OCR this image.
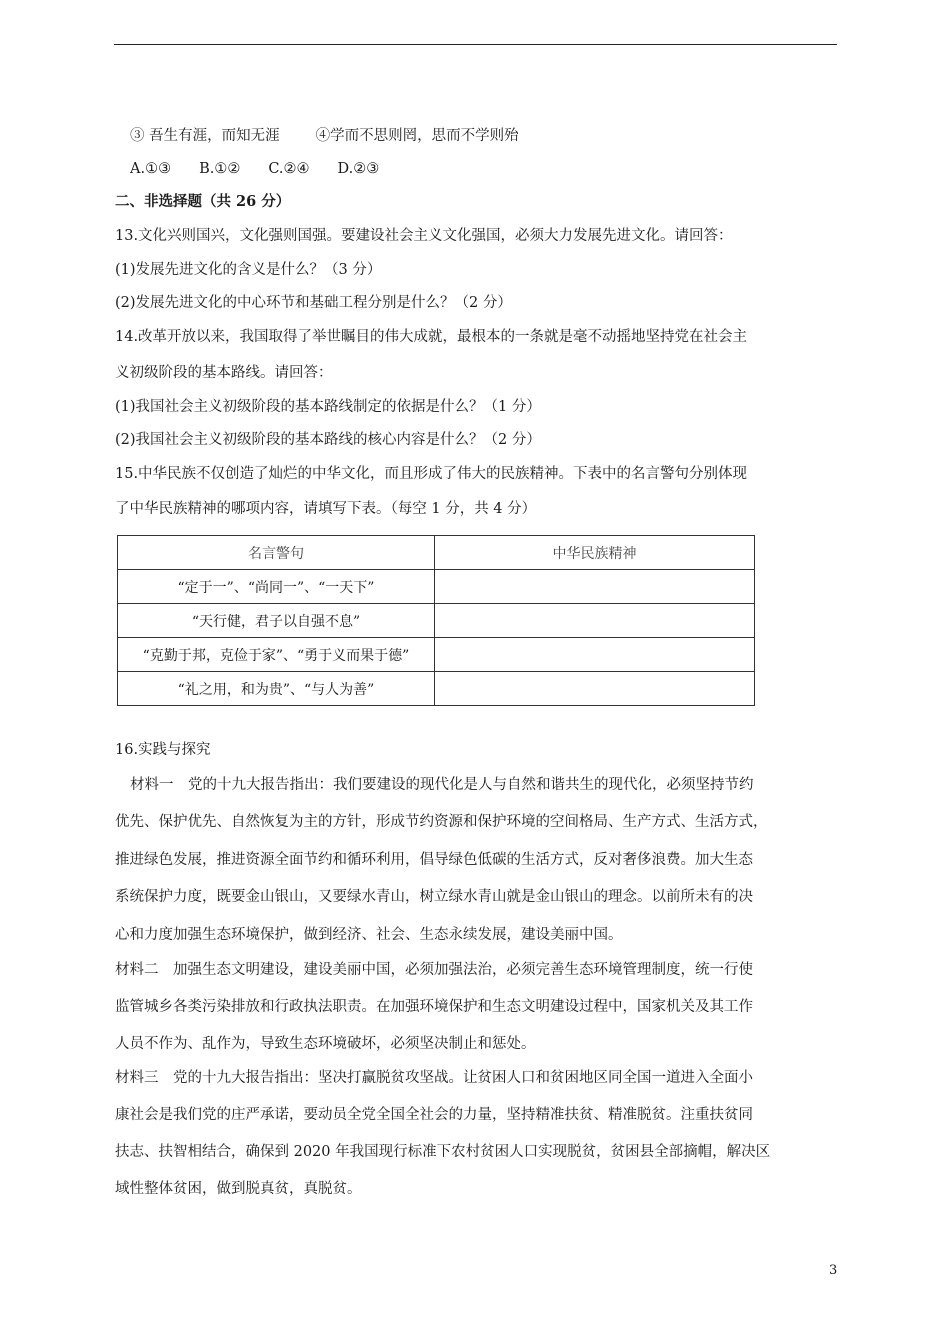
③ 吾生有涯，而知无涯 ④学而不思则罔，思而不学则殆
A.①③ B.①② C.②④ D.②③
二、非选择题（共 26 分）
13.文化兴则国兴，文化强则国强。要建设社会主义文化强国，必须大力发展先进文化。请回答：
(1)发展先进文化的含义是什么？（3 分）
(2)发展先进文化的中心环节和基础工程分别是什么？（2 分）
14.改革开放以来，我国取得了举世瞩目的伟大成就，最根本的一条就是毫不动摇地坚持党在社会主
义初级阶段的基本路线。请回答：
(1)我国社会主义初级阶段的基本路线制定的依据是什么？（1 分）
(2)我国社会主义初级阶段的基本路线的核心内容是什么？（2 分）
15.中华民族不仅创造了灿烂的中华文化，而且形成了伟大的民族精神。下表中的名言警句分别体现
了中华民族精神的哪项内容，请填写下表。（每空 1 分，共 4 分）
名言警句	中华民族精神
“定于一”、“尚同一”、“一天下”	
“天行健，君子以自强不息”	
“克勤于邦，克俭于家”、“勇于义而果于德”	
“礼之用，和为贵”、“与人为善”	
16.实践与探究
材料一　党的十九大报告指出：我们要建设的现代化是人与自然和谐共生的现代化，必须坚持节约
优先、保护优先、自然恢复为主的方针，形成节约资源和保护环境的空间格局、生产方式、生活方式，
推进绿色发展，推进资源全面节约和循环利用，倡导绿色低碳的生活方式，反对奢侈浪费。加大生态
系统保护力度，既要金山银山，又要绿水青山，树立绿水青山就是金山银山的理念。以前所未有的决
心和力度加强生态环境保护，做到经济、社会、生态永续发展，建设美丽中国。
材料二　加强生态文明建设，建设美丽中国，必须加强法治，必须完善生态环境管理制度，统一行使
监管城乡各类污染排放和行政执法职责。在加强环境保护和生态文明建设过程中，国家机关及其工作
人员不作为、乱作为，导致生态环境破坏，必须坚决制止和惩处。
材料三　党的十九大报告指出：坚决打赢脱贫攻坚战。让贫困人口和贫困地区同全国一道进入全面小
康社会是我们党的庄严承诺，要动员全党全国全社会的力量，坚持精准扶贫、精准脱贫。注重扶贫同
扶志、扶智相结合，确保到 2020 年我国现行标准下农村贫困人口实现脱贫，贫困县全部摘帽，解决区
域性整体贫困，做到脱真贫，真脱贫。
3
